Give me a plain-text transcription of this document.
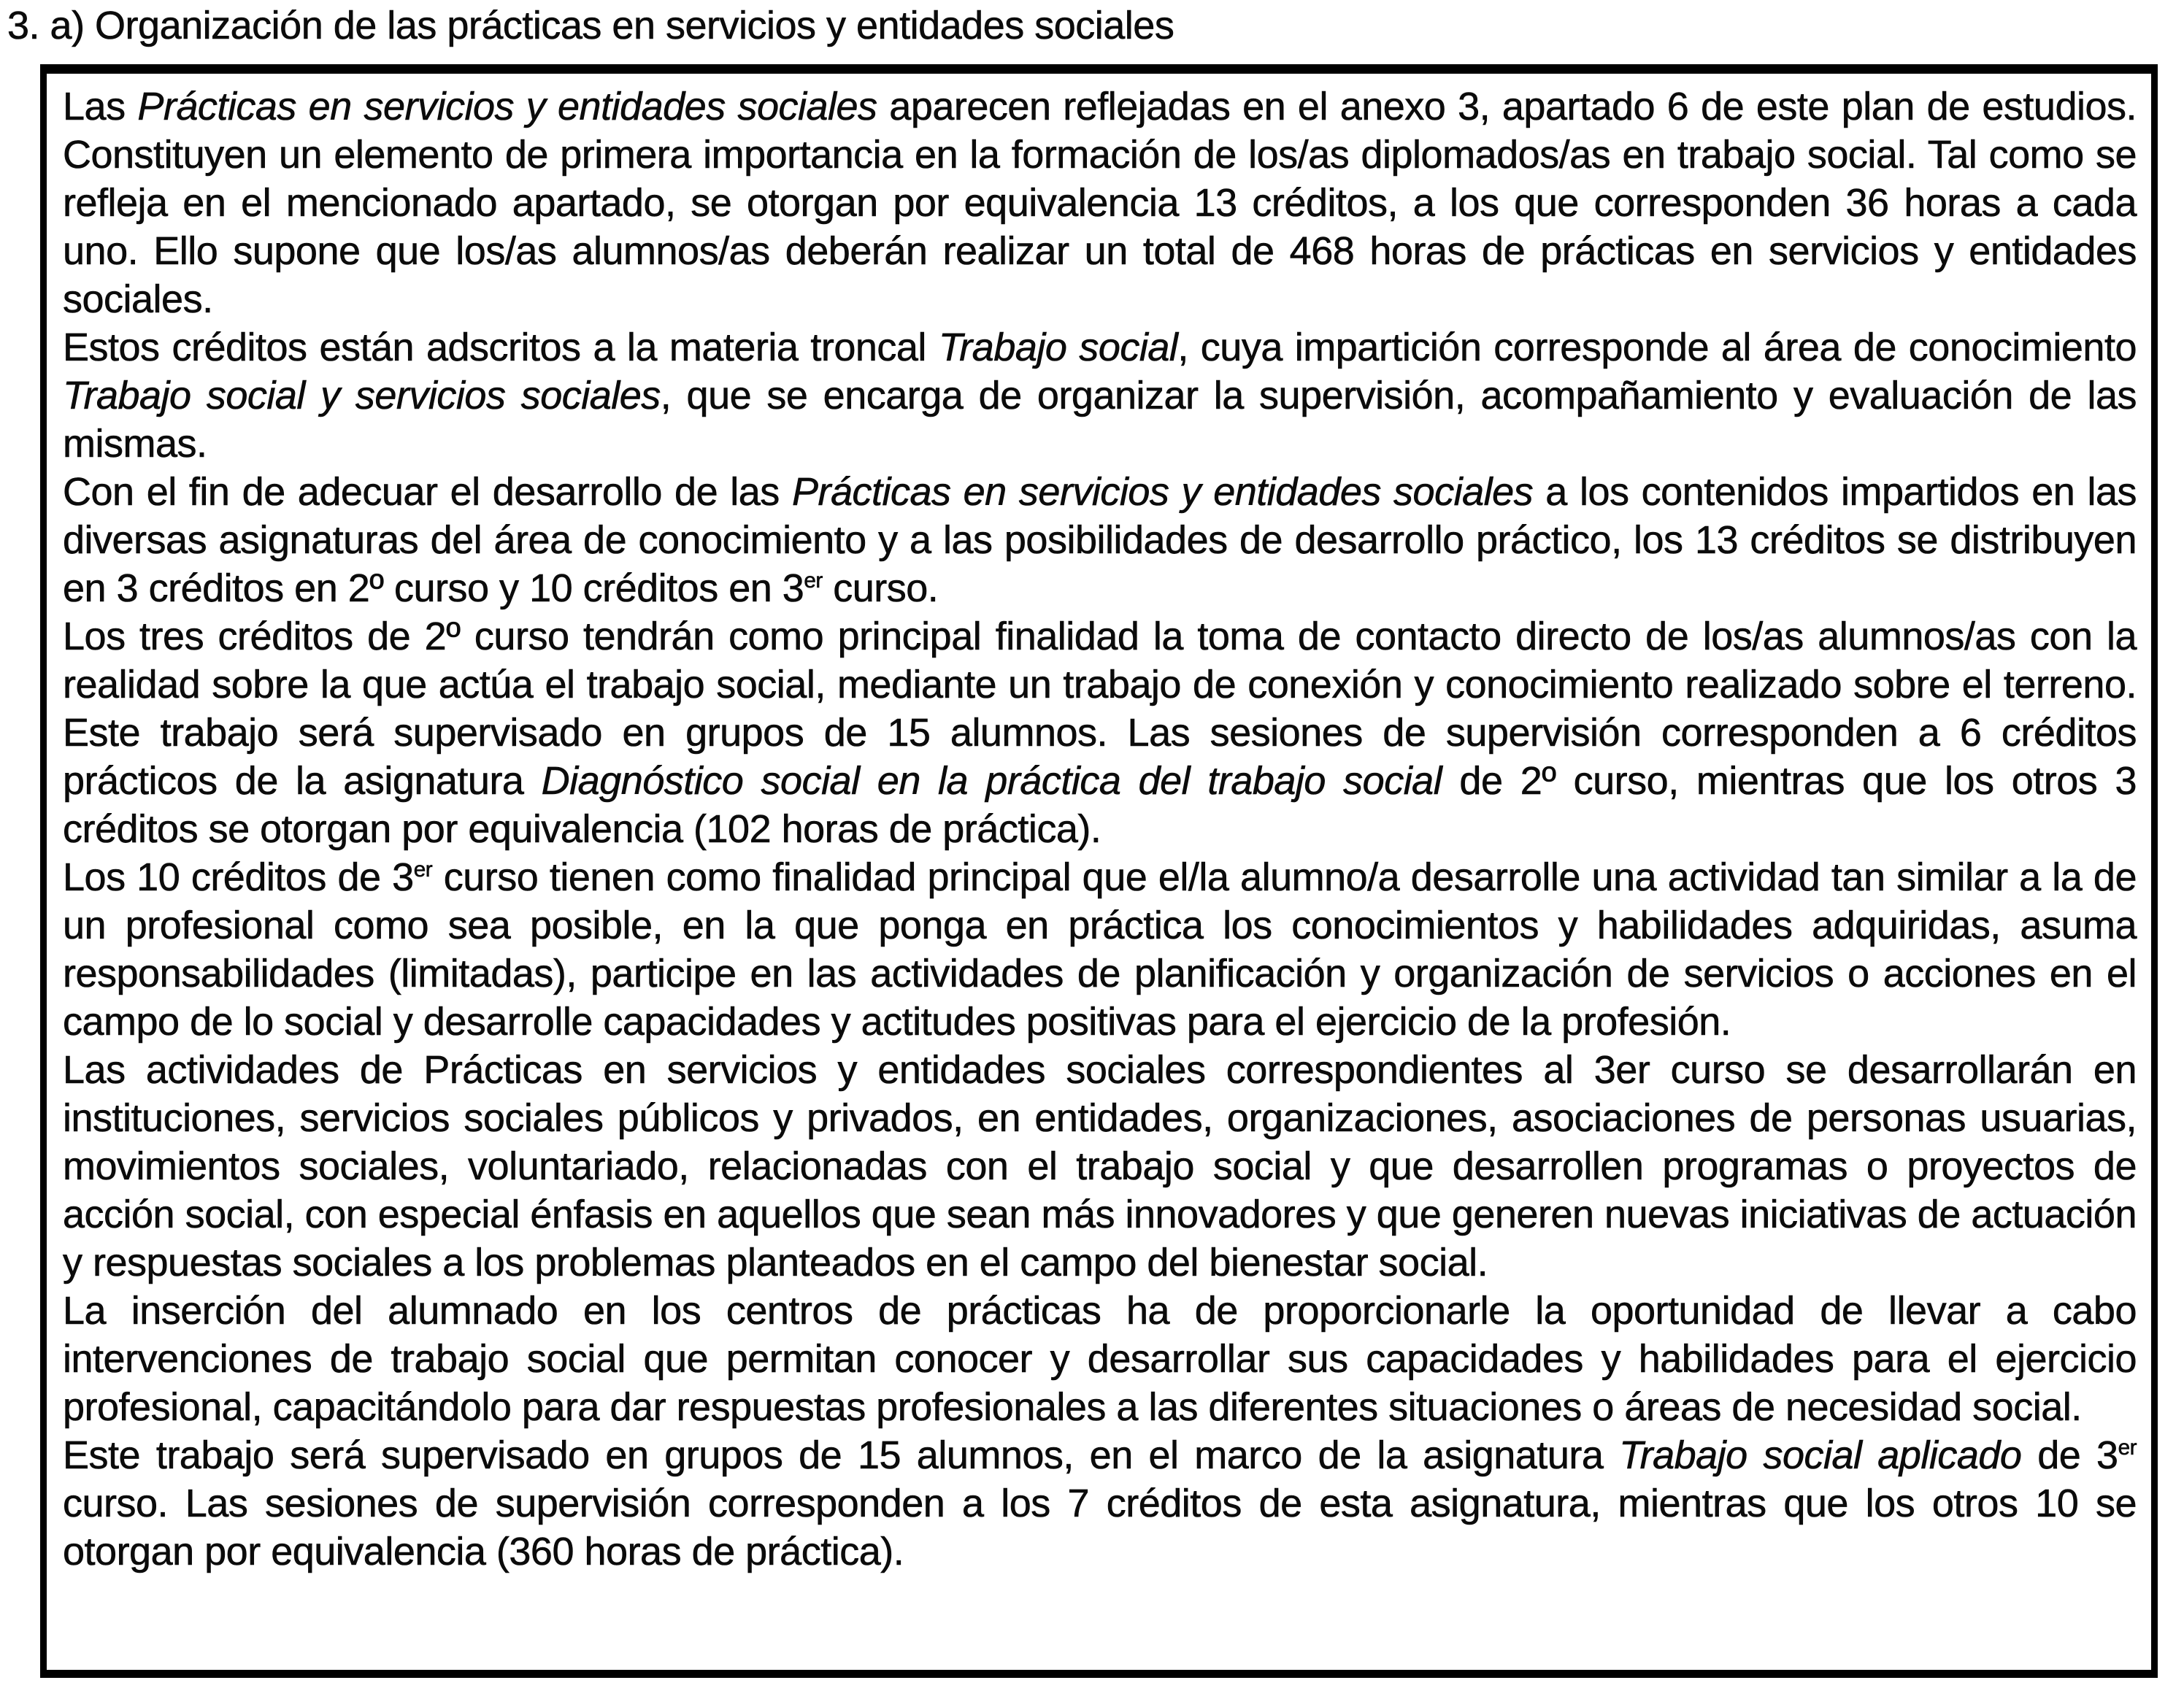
3. a) Organización de las prácticas en servicios y entidades sociales

Las Prácticas en servicios y entidades sociales aparecen reflejadas en el anexo 3, apartado 6 de este plan de estudios. Constituyen un elemento de primera importancia en la formación de los/as diplomados/as en trabajo social. Tal como se refleja en el mencionado apartado, se otorgan por equivalencia 13 créditos, a los que corresponden 36 horas a cada uno. Ello supone que los/as alumnos/as deberán realizar un total de 468 horas de prácticas en servicios y entidades sociales.

Estos créditos están adscritos a la materia troncal Trabajo social, cuya impartición corresponde al área de conocimiento Trabajo social y servicios sociales, que se encarga de organizar la supervisión, acompañamiento y evaluación de las mismas.

Con el fin de adecuar el desarrollo de las Prácticas en servicios y entidades sociales a los contenidos impartidos en las diversas asignaturas del área de conocimiento y a las posibilidades de desarrollo práctico, los 13 créditos se distribuyen en 3 créditos en 2º curso y 10 créditos en 3er curso.

Los tres créditos de 2º curso tendrán como principal finalidad la toma de contacto directo de los/as alumnos/as con la realidad sobre la que actúa el trabajo social, mediante un trabajo de conexión y conocimiento realizado sobre el terreno. Este trabajo será supervisado en grupos de 15 alumnos. Las sesiones de supervisión corresponden a 6 créditos prácticos de la asignatura Diagnóstico social en la práctica del trabajo social de 2º curso, mientras que los otros 3 créditos se otorgan por equivalencia (102 horas de práctica).

Los 10 créditos de 3er curso tienen como finalidad principal que el/la alumno/a desarrolle una actividad tan similar a la de un profesional como sea posible, en la que ponga en práctica los conocimientos y habilidades adquiridas, asuma responsabilidades (limitadas), participe en las actividades de planificación y organización de servicios o acciones en el campo de lo social y desarrolle capacidades y actitudes positivas para el ejercicio de la profesión.

Las actividades de Prácticas en servicios y entidades sociales correspondientes al 3er curso se desarrollarán en instituciones, servicios sociales públicos y privados, en entidades, organizaciones, asociaciones de personas usuarias, movimientos sociales, voluntariado, relacionadas con el trabajo social y que desarrollen programas o proyectos de acción social, con especial énfasis en aquellos que sean más innovadores y que generen nuevas iniciativas de actuación y respuestas sociales a los problemas planteados en el campo del bienestar social.

La inserción del alumnado en los centros de prácticas ha de proporcionarle la oportunidad de llevar a cabo intervenciones de trabajo social que permitan conocer y desarrollar sus capacidades y habilidades para el ejercicio profesional, capacitándolo para dar respuestas profesionales a las diferentes situaciones o áreas de necesidad social.

Este trabajo será supervisado en grupos de 15 alumnos, en el marco de la asignatura Trabajo social aplicado de 3er curso. Las sesiones de supervisión corresponden a los 7 créditos de esta asignatura, mientras que los otros 10 se otorgan por equivalencia (360 horas de práctica).
